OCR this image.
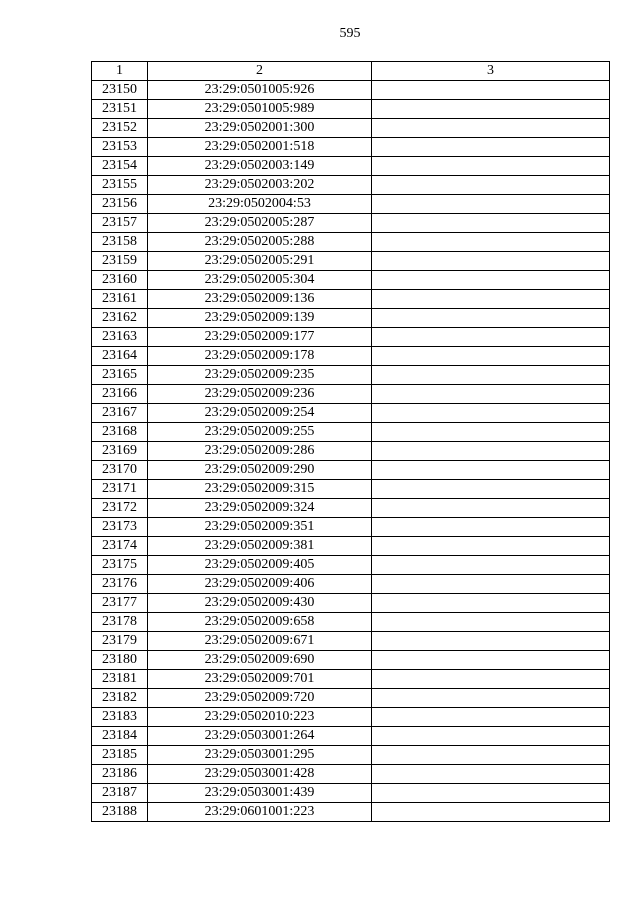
595
1	2	3
23150	23:29:0501005:926	
23151	23:29:0501005:989	
23152	23:29:0502001:300	
23153	23:29:0502001:518	
23154	23:29:0502003:149	
23155	23:29:0502003:202	
23156	23:29:0502004:53	
23157	23:29:0502005:287	
23158	23:29:0502005:288	
23159	23:29:0502005:291	
23160	23:29:0502005:304	
23161	23:29:0502009:136	
23162	23:29:0502009:139	
23163	23:29:0502009:177	
23164	23:29:0502009:178	
23165	23:29:0502009:235	
23166	23:29:0502009:236	
23167	23:29:0502009:254	
23168	23:29:0502009:255	
23169	23:29:0502009:286	
23170	23:29:0502009:290	
23171	23:29:0502009:315	
23172	23:29:0502009:324	
23173	23:29:0502009:351	
23174	23:29:0502009:381	
23175	23:29:0502009:405	
23176	23:29:0502009:406	
23177	23:29:0502009:430	
23178	23:29:0502009:658	
23179	23:29:0502009:671	
23180	23:29:0502009:690	
23181	23:29:0502009:701	
23182	23:29:0502009:720	
23183	23:29:0502010:223	
23184	23:29:0503001:264	
23185	23:29:0503001:295	
23186	23:29:0503001:428	
23187	23:29:0503001:439	
23188	23:29:0601001:223	
